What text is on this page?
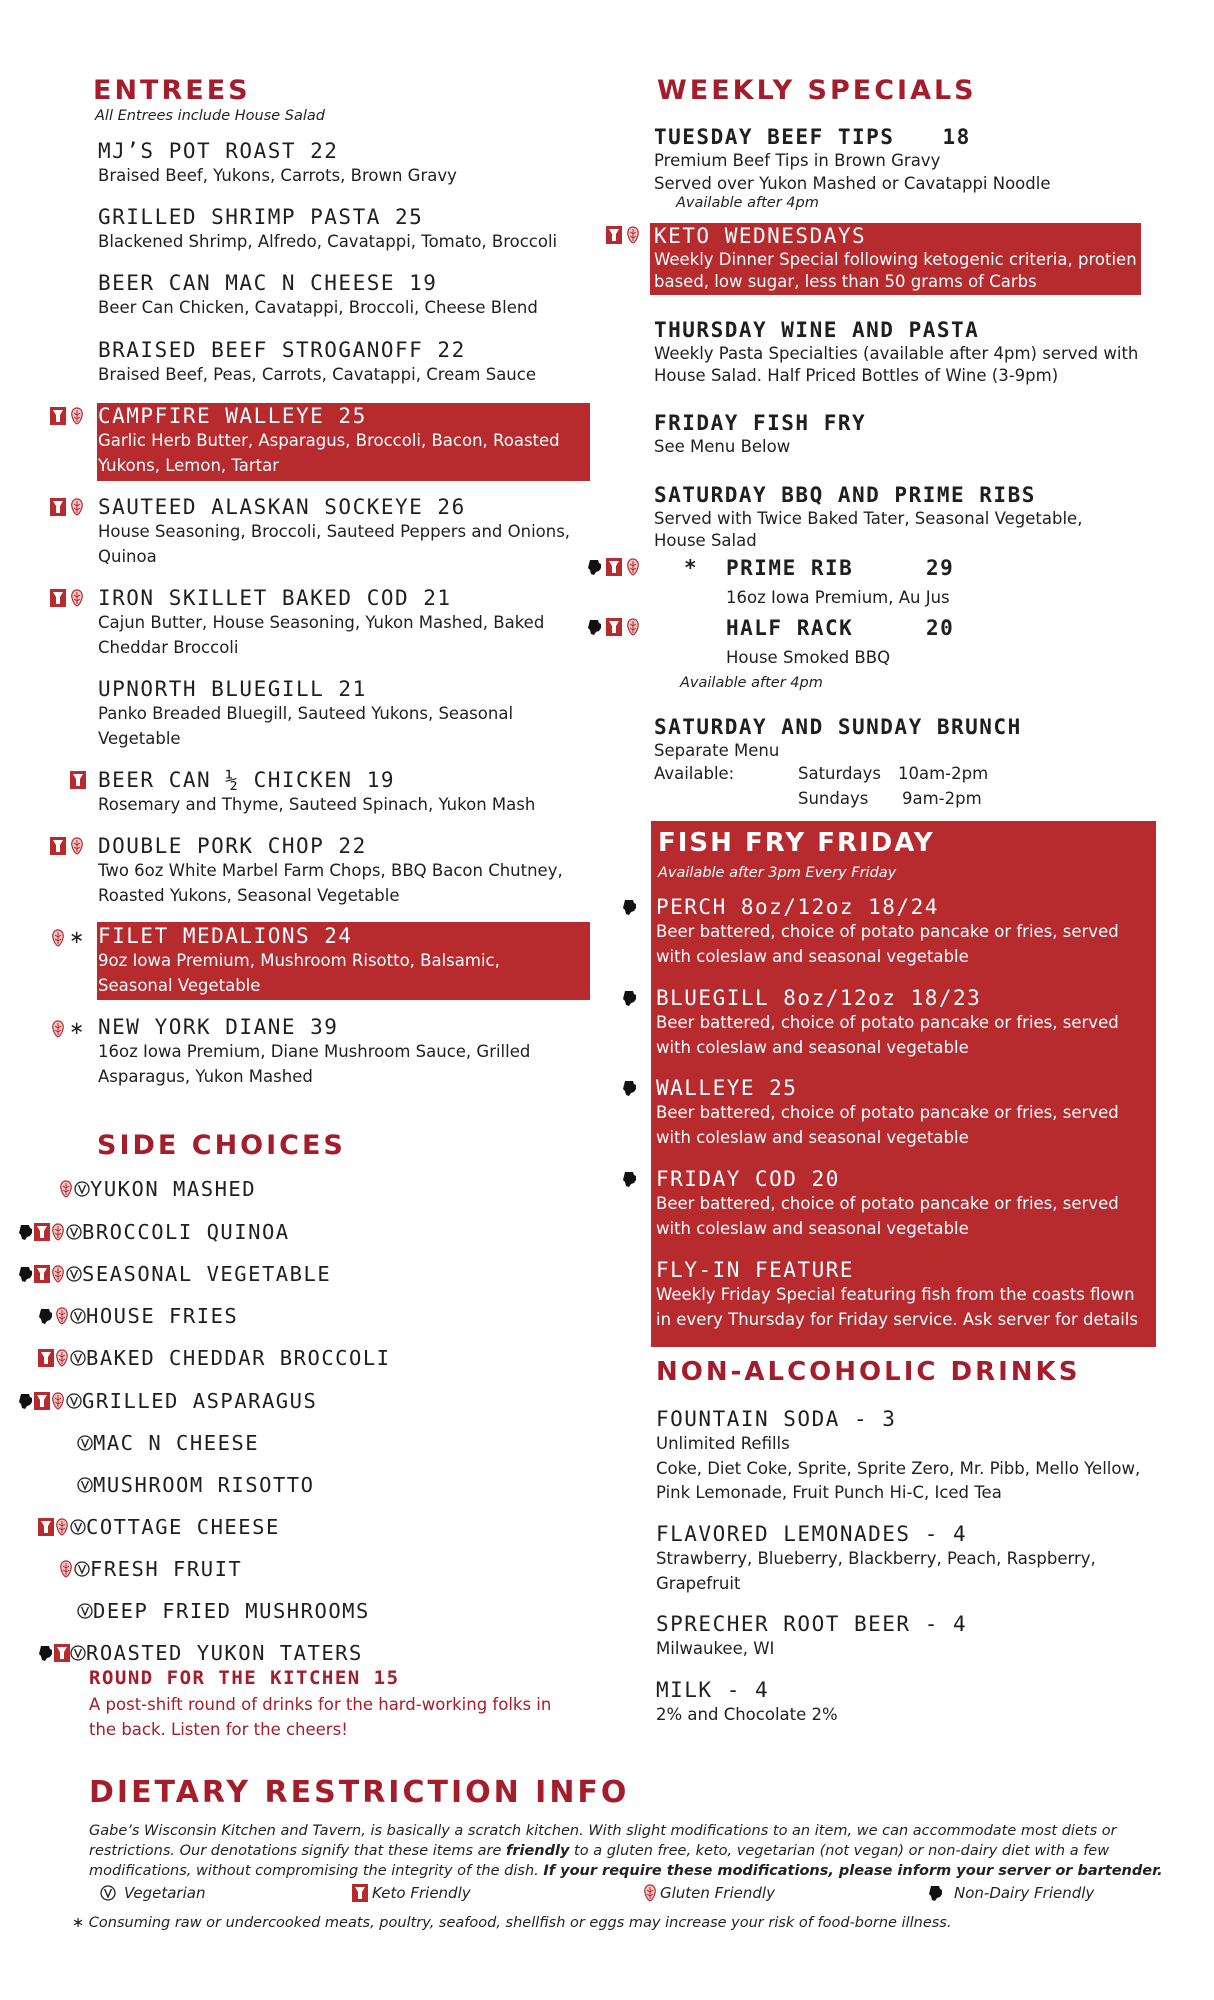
ENTREES
All Entrees include House Salad
MJ’S POT ROAST 22
Braised Beef, Yukons, Carrots, Brown Gravy
GRILLED SHRIMP PASTA 25
Blackened Shrimp, Alfredo, Cavatappi, Tomato, Broccoli
BEER CAN MAC N CHEESE 19
Beer Can Chicken, Cavatappi, Broccoli, Cheese Blend
BRAISED BEEF STROGANOFF 22
Braised Beef, Peas, Carrots, Cavatappi, Cream Sauce
CAMPFIRE WALLEYE 25
Garlic Herb Butter, Asparagus, Broccoli, Bacon, Roasted Yukons, Lemon, Tartar
SAUTEED ALASKAN SOCKEYE 26
House Seasoning, Broccoli, Sauteed Peppers and Onions, Quinoa
IRON SKILLET BAKED COD 21
Cajun Butter, House Seasoning, Yukon Mashed, Baked Cheddar Broccoli
UPNORTH BLUEGILL 21
Panko Breaded Bluegill, Sauteed Yukons, Seasonal Vegetable
BEER CAN ½ CHICKEN 19
Rosemary and Thyme, Sauteed Spinach, Yukon Mash
DOUBLE PORK CHOP 22
Two 6oz White Marbel Farm Chops, BBQ Bacon Chutney, Roasted Yukons, Seasonal Vegetable
∗ FILET MEDALIONS 24
9oz Iowa Premium, Mushroom Risotto, Balsamic, Seasonal Vegetable
∗ NEW YORK DIANE 39
16oz Iowa Premium, Diane Mushroom Sauce, Grilled Asparagus, Yukon Mashed
SIDE CHOICES
YUKON MASHED
BROCCOLI QUINOA
SEASONAL VEGETABLE
HOUSE FRIES
BAKED CHEDDAR BROCCOLI
GRILLED ASPARAGUS
MAC N CHEESE
MUSHROOM RISOTTO
COTTAGE CHEESE
FRESH FRUIT
DEEP FRIED MUSHROOMS
ROASTED YUKON TATERS
ROUND FOR THE KITCHEN 15
A post-shift round of drinks for the hard-working folks in the back. Listen for the cheers!
WEEKLY SPECIALS
TUESDAY BEEF TIPS 18
Premium Beef Tips in Brown Gravy
Served over Yukon Mashed or Cavatappi Noodle
Available after 4pm
KETO WEDNESDAYS
Weekly Dinner Special following ketogenic criteria, protien based, low sugar, less than 50 grams of Carbs
THURSDAY WINE AND PASTA
Weekly Pasta Specialties (available after 4pm) served with House Salad. Half Priced Bottles of Wine (3-9pm)
FRIDAY FISH FRY
See Menu Below
SATURDAY BBQ AND PRIME RIBS
Served with Twice Baked Tater, Seasonal Vegetable, House Salad
*	PRIME RIB	29
16oz Iowa Premium, Au Jus
HALF RACK	20
House Smoked BBQ
Available after 4pm
SATURDAY AND SUNDAY BRUNCH
Separate Menu
Available:	Saturdays	10am-2pm
Sundays	9am-2pm
FISH FRY FRIDAY
Available after 3pm Every Friday
PERCH 8oz/12oz 18/24
Beer battered, choice of potato pancake or fries, served with coleslaw and seasonal vegetable
BLUEGILL 8oz/12oz 18/23
Beer battered, choice of potato pancake or fries, served with coleslaw and seasonal vegetable
WALLEYE 25
Beer battered, choice of potato pancake or fries, served with coleslaw and seasonal vegetable
FRIDAY COD 20
Beer battered, choice of potato pancake or fries, served with coleslaw and seasonal vegetable
FLY-IN FEATURE
Weekly Friday Special featuring fish from the coasts flown in every Thursday for Friday service. Ask server for details
NON-ALCOHOLIC DRINKS
FOUNTAIN SODA - 3
Unlimited Refills
Coke, Diet Coke, Sprite, Sprite Zero, Mr. Pibb, Mello Yellow, Pink Lemonade, Fruit Punch Hi-C, Iced Tea
FLAVORED LEMONADES - 4
Strawberry, Blueberry, Blackberry, Peach, Raspberry, Grapefruit
SPRECHER ROOT BEER - 4
Milwaukee, WI
MILK - 4
2% and Chocolate 2%
DIETARY RESTRICTION INFO
Gabe’s Wisconsin Kitchen and Tavern, is basically a scratch kitchen. With slight modifications to an item, we can accommodate most diets or restrictions. Our denotations signify that these items are friendly to a gluten free, keto, vegetarian (not vegan) or non-dairy diet with a few modifications, without compromising the integrity of the dish. If your require these modifications, please inform your server or bartender.
Vegetarian	Keto Friendly	Gluten Friendly	Non-Dairy Friendly
∗ Consuming raw or undercooked meats, poultry, seafood, shellfish or eggs may increase your risk of food-borne illness.
